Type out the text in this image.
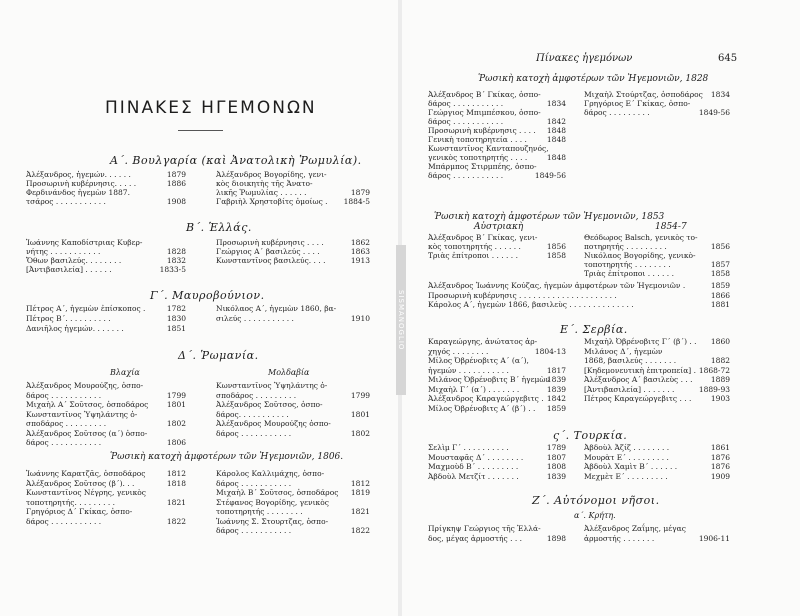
SISMANOGLIO
ΠΙΝΑΚΕΣ ΗΓΕΜΟΝΩΝ
Α΄. Βουλγαρία (καὶ Ἀνατολικὴ Ῥωμυλία).
Ἀλέξανδρος, ἡγεμών. . . . . .	1879
Προσωρινὴ κυβέρνησις. . . . .	1886
Φερδινάνδος ἡγεμὼν 1887.
τσάρος . . . . . . . . . . .	1908
Ἀλέξανδρος Βογορίδης, γενι-
κὸς διοικητὴς τῆς Ἀνατο-
λικῆς Ῥωμυλίας . . . . . .	1879
Γαβριὴλ Χρηστοβίτς ὁμοίως . 1884-5
Β΄. Ἑλλάς.
Ἰωάννης Καποδίστριας Κυβερ-
νήτης . . . . . . . . . . .	1828
Ὄθων βασιλεύς. . . . . . . .	1832
[Ἀντιβασιλεία] . . . . . .	1833-5
Προσωρινὴ κυβέρνησις . . . .	1862
Γεώργιος Α΄ βασιλεύς . . . .	1863
Κωνσταντῖνος βασιλεύς. . . .	1913
Γ΄. Μαυροβούνιον.
Πέτρος Α΄, ἡγεμὼν ἐπίσκοπος .	1782
Πέτρος Β΄. . . . . . . . . .	1830
Δανιῆλος ἡγεμών. . . . . . .	1851
Νικόλαος Α΄, ἡγεμὼν 1860, βα-
σιλεύς . . . . . . . . . . .	1910
Δ΄. Ῥωμανία.
Βλαχία	Μολδαβία
Ἀλέξανδρος Μουρούζης, ὁσπο-
δάρος . . . . . . . . . . .	1799
Μιχαὴλ Α΄ Σοῦτσος, ὁσποδάρος 1801
Κωνσταντῖνος Ὑψηλάντης ὁ-
σποδάρος . . . . . . . . .	1802
Ἀλέξανδρος Σοῦτσος (α΄) ὁσπο-
δάρος . . . . . . . . . . .	1806
Κωνσταντῖνος Ὑψηλάντης ὁ-
σποδάρος . . . . . . . . .	1799
Ἀλέξανδρος Σοῦτσος, ὁσπο-
δάρος. . . . . . . . . . .	1801
Ἀλέξανδρος Μουρούζης ὁσπο-
δάρος . . . . . . . . . . .	1802
Ῥωσικὴ κατοχὴ ἀμφοτέρων τῶν Ἡγεμονιῶν, 1806.
Ἰωάννης Καρατζᾶς, ὁσποδάρος	1812
Ἀλέξανδρος Σοῦτσος (β΄). . .	1818
Κωνσταντῖνος Νέγρης, γενικὸς
τοποτηρητής. . . . . . . . .	1821
Γρηγόριος Δ΄ Γκίκας, ὁσπο-
δάρος . . . . . . . . . . .	1822
Κάρολος Καλλιμάχης, ὁσπο-
δάρος . . . . . . . . . . .	1812
Μιχαὴλ Β΄ Σοῦτσος, ὁσποδάρος 1819
Στέφανος Βογορίδης, γενικὸς
τοποτηρητής . . . . . . . .	1821
Ἰωάννης Σ. Στουρτζας, ὁσπο-
δάρος . . . . . . . . . . .	1822
Πίνακες ἡγεμόνων	645
Ῥωσικὴ κατοχὴ ἀμφοτέρων τῶν Ἡγεμονιῶν, 1828
Ἀλέξανδρος Β΄ Γκίκας, ὁσπο-
δάρος . . . . . . . . . . .	1834
Γεώργιος Μπιμπέσκου, ὁσπο-
δάρος . . . . . . . . . . .	1842
Προσωρινὴ κυβέρνησις . . . . 1848
Γενικὴ τοποτηρητεία . . . .	1848
Κωνσταντῖνος Κανταπουζηνός,
γενικὸς τοποτηρητής . . . .	1848
Μπάρμπος Στιρμπέης, ὁσπο-
δάρος . . . . . . . . . . .	1849-56
Μιχαὴλ Στούρτζας, ὁσποδάρος 1834
Γρηγόριος Ε΄ Γκίκας, ὁσπο-
δάρος . . . . . . . . .	1849-56
Ῥωσικὴ κατοχὴ ἀμφοτέρων τῶν Ἡγεμονιῶν, 1853
Αὐστριακὴ	1854-7
Ἀλέξανδρος Β΄ Γκίκας, γενι-
κὸς τοποτηρητής . . . . . .	1856
Τριὰς ἐπίτροποι . . . . . .	1858
Θεόδωρος Balsch, γενικὸς το-
ποτηρητής . . . . . . . . .	1856
Νικόλαος Βογορίδης, γενικὸ-
τοποτηρητής . . . . . . . .	1857
Τριὰς ἐπίτροποι . . . . . .	1858
Ἀλέξανδρος Ἰωάννης Κούζας, ἡγεμὼν ἀμφοτέρων τῶν Ἡγεμονιῶν .	1859
Προσωρινὴ κυβέρνησις . . . . . . . . . . . . . . . . . . . . .	1866
Κάρολος Α΄, ἡγεμὼν 1866, βασιλεὺς . . . . . . . . . . . . . .	1881
Ε΄. Σερβία.
Καραγεώργης, ἀνώτατος ἀρ-
χηγός . . . . . . . .	1804-13
Μίλος Ὀβρένοβιτς Α΄ (α΄),
ἡγεμών . . . . . . . . . . .	1817
Μιλάνος Ὀβρένοβιτς Β΄ ἡγεμὼν
1839
Μιχαὴλ Γ΄ (α΄) . . . . . . .	1839
Ἀλέξανδρος Καραγεώργεβιτς . 1842
Μίλος Ὀβρένοβιτς Α΄ (β΄) . . 1859
Μιχαὴλ Ὀβρένοβιτς Γ΄ (β΄) . . 1860
Μιλάνος Δ΄, ἡγεμὼν
1868, βασιλεύς . . . . . . .	1882
[Κηδεμονευτικὴ ἐπιτροπεία] . 1868-72
Ἀλέξανδρος Α΄ βασιλεὺς . . . 1889
[Ἀντιβασιλεία] . . . . . . .	1889-93
Πέτρος Καραγεώργεβιτς . . .	1903
ς΄. Τουρκία.
Σελὶμ Γ΄ . . . . . . . . . .	1789
Μουσταφᾶς Δ΄ . . . . . . . .	1807
Μαχμοὺδ Β΄ . . . . . . . . .	1808
Ἀβδοὺλ Μετζίτ . . . . . . .	1839
Ἀβδοὺλ Ἀζίζ . . . . . . . .	1861
Μουρὰτ Ε΄ . . . . . . . . .	1876
Ἀβδοὺλ Χαμὶτ Β΄ . . . . . .	1876
Μεχμὲτ Ε΄ . . . . . . . . .	1909
Ζ΄. Αὐτόνομοι νῆσοι.
α΄. Κρήτη.
Πρίγκηψ Γεώργιος τῆς Ἑλλά-
δος, μέγας ἁρμοστής . . .	1898
Ἀλέξανδρος Ζαΐμης, μέγας
ἁρμοστής . . . . . . .	1906-11
